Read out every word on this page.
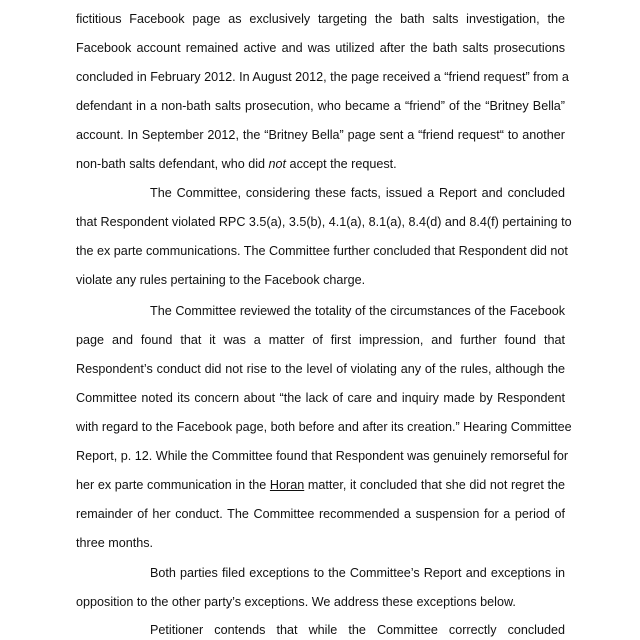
fictitious Facebook page as exclusively targeting the bath salts investigation, the
Facebook account remained active and was utilized after the bath salts prosecutions
concluded in February 2012. In August 2012, the page received a “friend request” from a
defendant in a non-bath salts prosecution, who became a “friend” of the “Britney Bella”
account. In September 2012, the “Britney Bella” page sent a “friend request“ to another
non-bath salts defendant, who did not accept the request.
The Committee, considering these facts, issued a Report and concluded
that Respondent violated RPC 3.5(a), 3.5(b), 4.1(a), 8.1(a), 8.4(d) and 8.4(f) pertaining to
the ex parte communications. The Committee further concluded that Respondent did not
violate any rules pertaining to the Facebook charge.
The Committee reviewed the totality of the circumstances of the Facebook
page and found that it was a matter of first impression, and further found that
Respondent’s conduct did not rise to the level of violating any of the rules, although the
Committee noted its concern about “the lack of care and inquiry made by Respondent
with regard to the Facebook page, both before and after its creation.” Hearing Committee
Report, p. 12. While the Committee found that Respondent was genuinely remorseful for
her ex parte communication in the Horan matter, it concluded that she did not regret the
remainder of her conduct. The Committee recommended a suspension for a period of
three months.
Both parties filed exceptions to the Committee’s Report and exceptions in
opposition to the other party’s exceptions. We address these exceptions below.
Petitioner contends that while the Committee correctly concluded
